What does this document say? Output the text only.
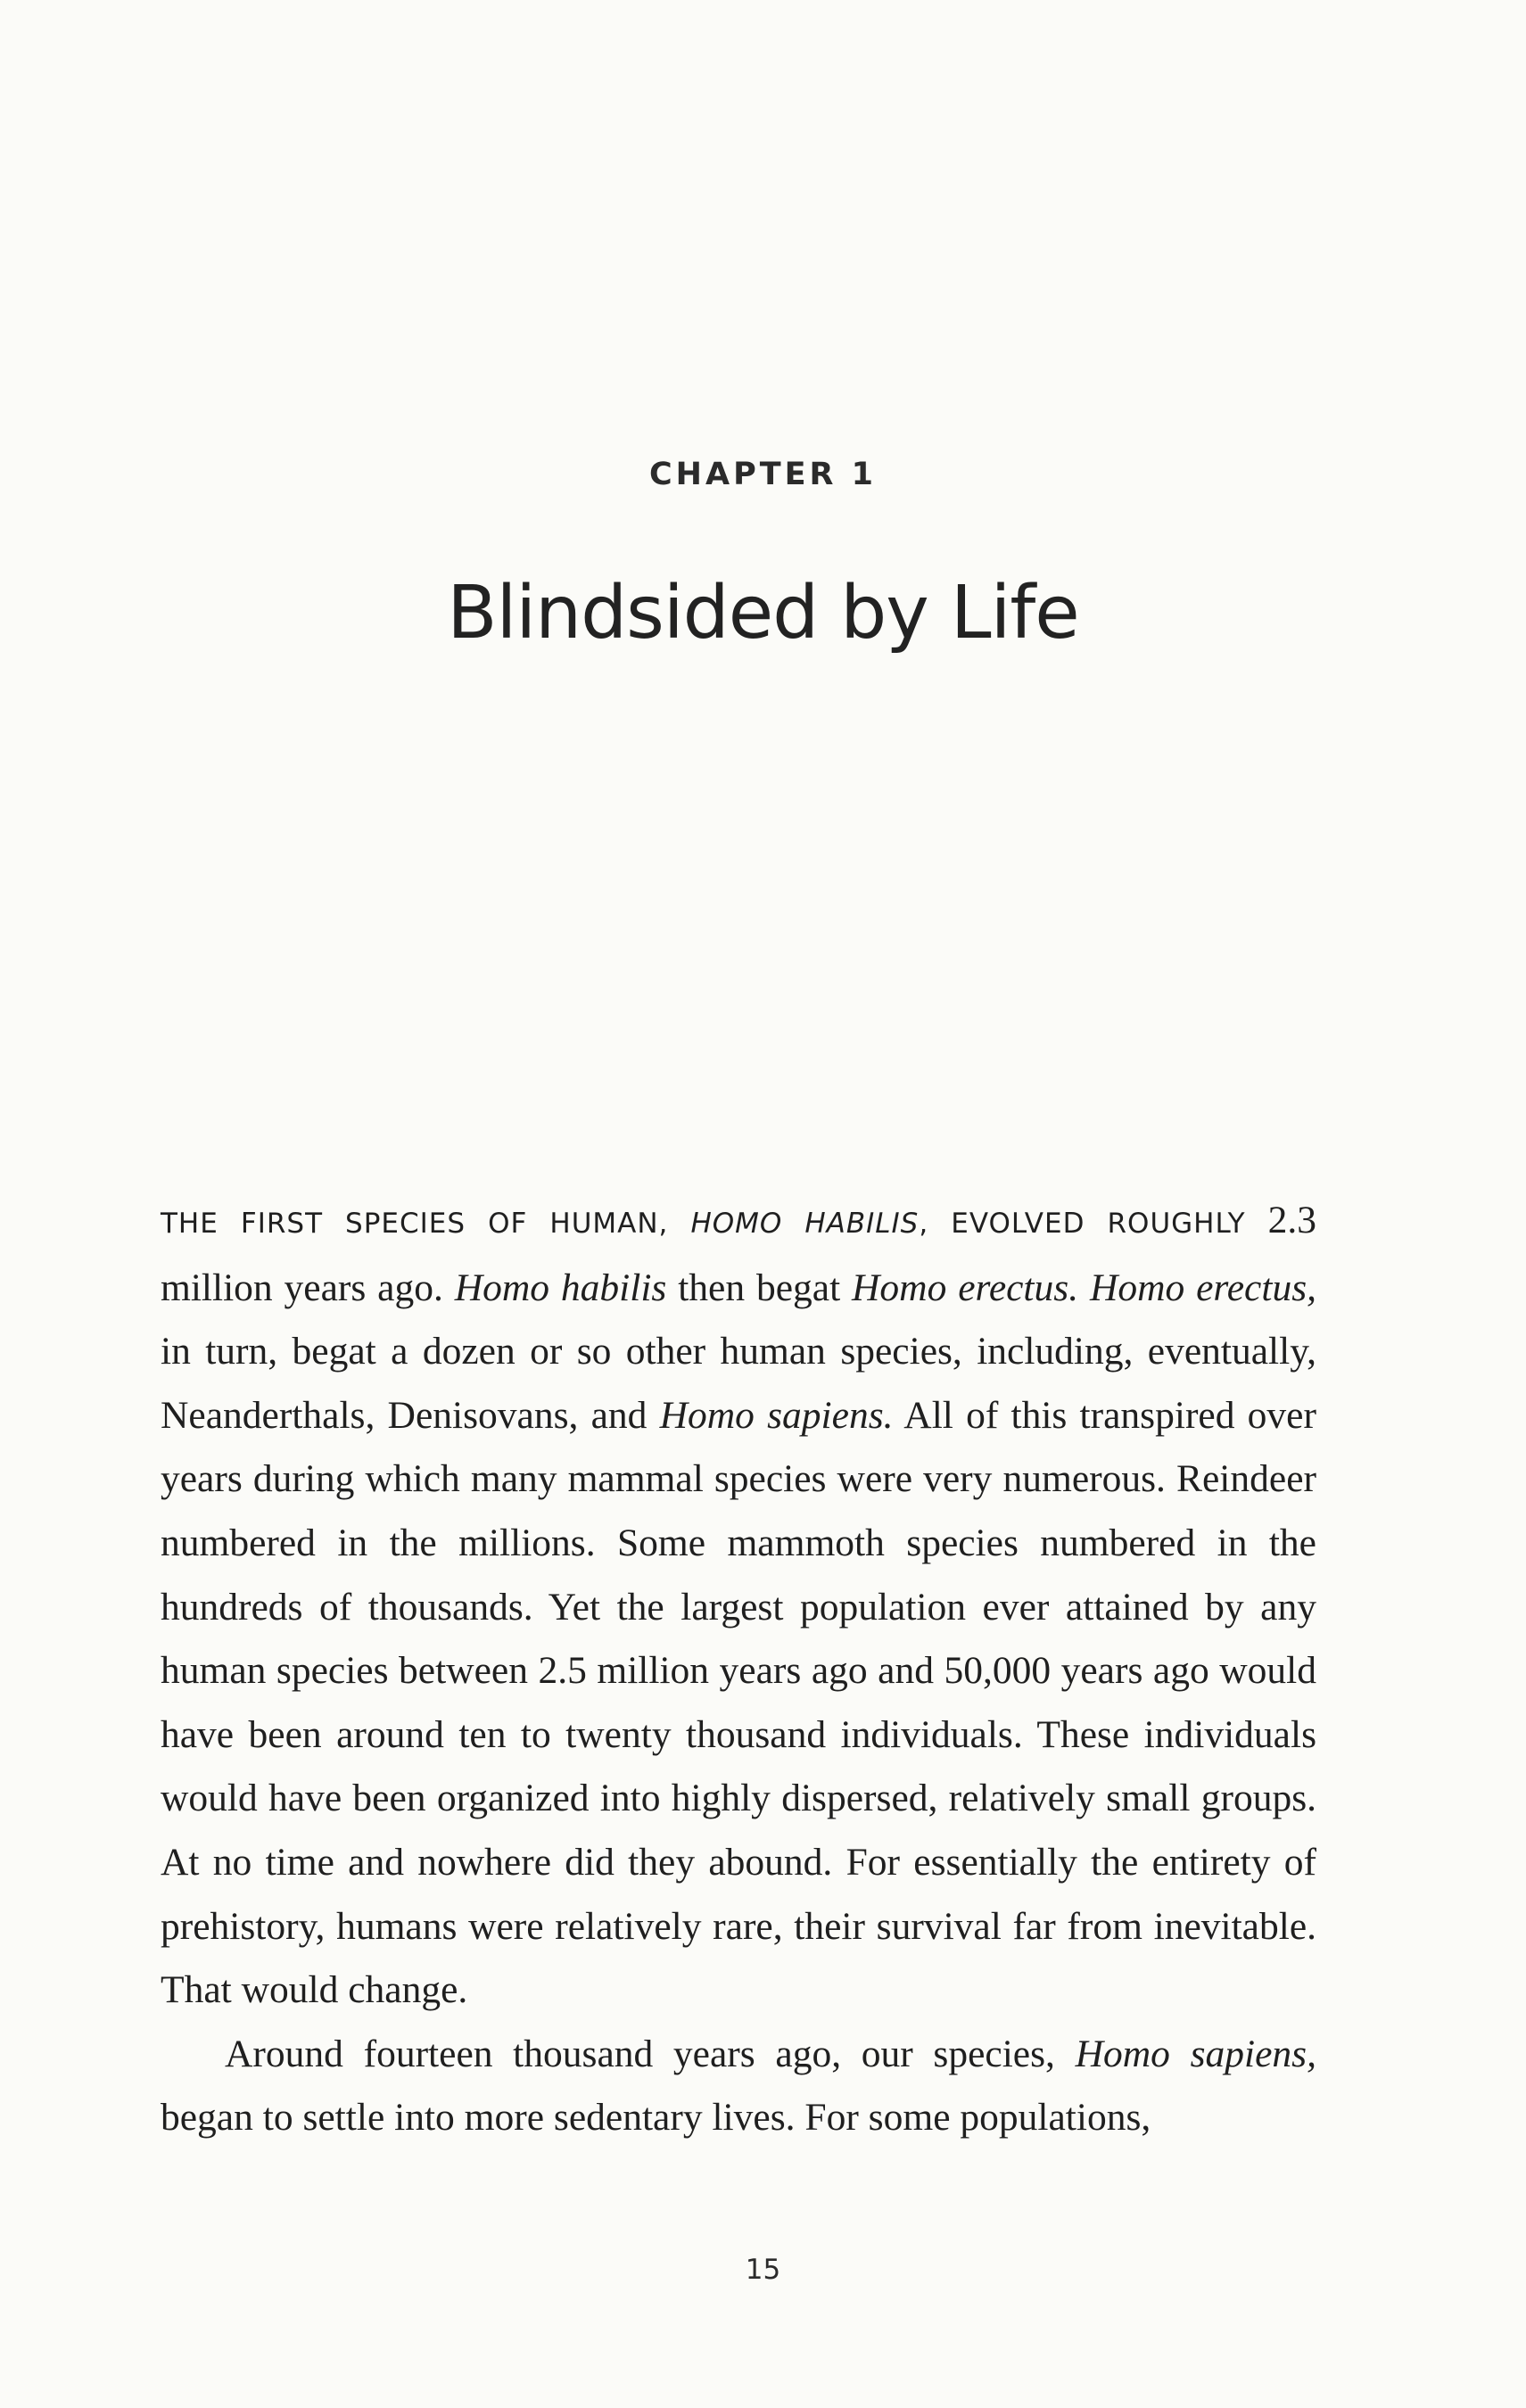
CHAPTER 1
Blindsided by Life

THE FIRST SPECIES OF HUMAN, HOMO HABILIS, EVOLVED ROUGHLY 2.3 million years ago. Homo habilis then begat Homo erectus. Homo erectus, in turn, begat a dozen or so other human species, including, eventually, Neanderthals, Denisovans, and Homo sapiens. All of this transpired over years during which many mammal species were very numerous. Reindeer numbered in the millions. Some mammoth species numbered in the hundreds of thousands. Yet the largest population ever attained by any human species between 2.5 million years ago and 50,000 years ago would have been around ten to twenty thousand individuals. These individuals would have been organized into highly dispersed, relatively small groups. At no time and nowhere did they abound. For essentially the entirety of prehistory, humans were relatively rare, their survival far from inevitable. That would change.

Around fourteen thousand years ago, our species, Homo sapiens, began to settle into more sedentary lives. For some populations,

15
